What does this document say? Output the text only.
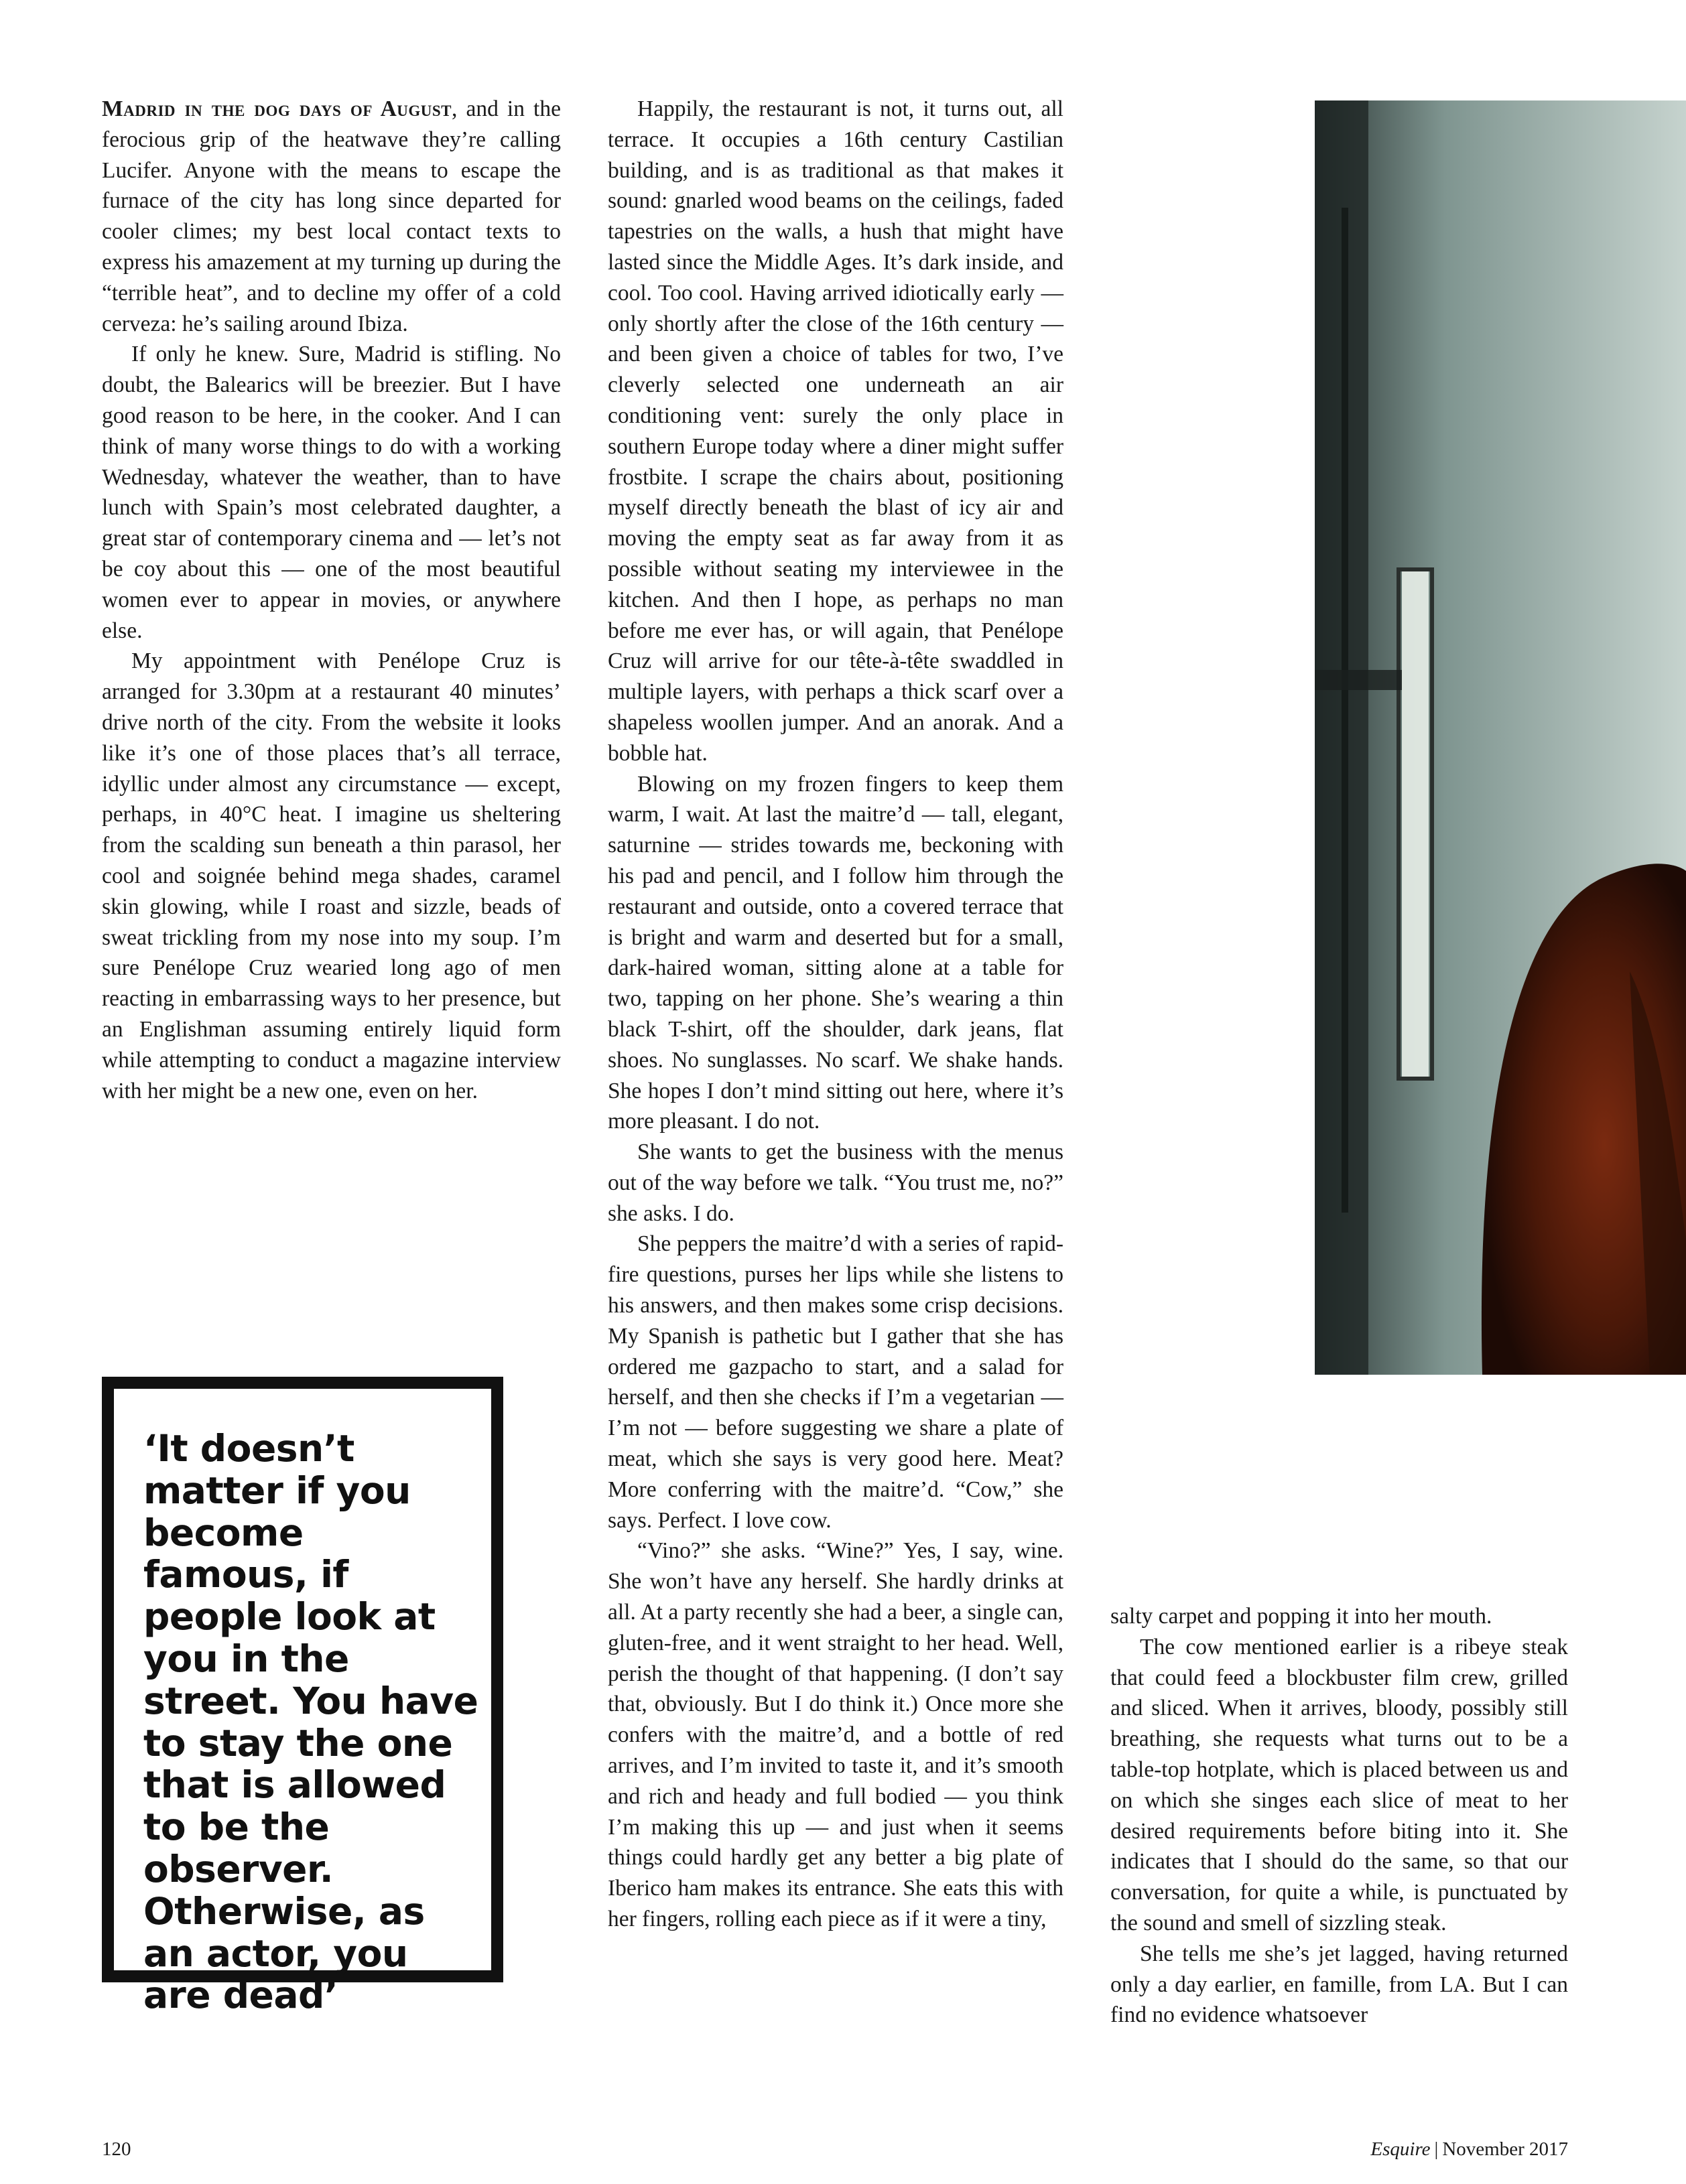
Madrid in the dog days of August, and in the ferocious grip of the heatwave they’re calling Lucifer. Anyone with the means to escape the furnace of the city has long since departed for cooler climes; my best local contact texts to express his amazement at my turning up during the “terrible heat”, and to decline my offer of a cold cerveza: he’s sailing around Ibiza.

If only he knew. Sure, Madrid is stifling. No doubt, the Balearics will be breezier. But I have good reason to be here, in the cooker. And I can think of many worse things to do with a working Wednesday, whatever the weather, than to have lunch with Spain’s most celebrated daughter, a great star of contemporary cinema and — let’s not be coy about this — one of the most beautiful women ever to appear in movies, or anywhere else.

My appointment with Penélope Cruz is arranged for 3.30pm at a restaurant 40 minutes’ drive north of the city. From the website it looks like it’s one of those places that’s all terrace, idyllic under almost any circumstance — except, perhaps, in 40°C heat. I imagine us sheltering from the scalding sun beneath a thin parasol, her cool and soignée behind mega shades, caramel skin glowing, while I roast and sizzle, beads of sweat trickling from my nose into my soup. I’m sure Penélope Cruz wearied long ago of men reacting in embarrassing ways to her presence, but an Englishman assuming entirely liquid form while attempting to conduct a magazine interview with her might be a new one, even on her.

Happily, the restaurant is not, it turns out, all terrace. It occupies a 16th century Castilian building, and is as traditional as that makes it sound: gnarled wood beams on the ceilings, faded tapestries on the walls, a hush that might have lasted since the Middle Ages. It’s dark inside, and cool. Too cool. Having arrived idiotically early — only shortly after the close of the 16th century — and been given a choice of tables for two, I’ve cleverly selected one underneath an air conditioning vent: surely the only place in southern Europe today where a diner might suffer frostbite. I scrape the chairs about, positioning myself directly beneath the blast of icy air and moving the empty seat as far away from it as possible without seating my interviewee in the kitchen. And then I hope, as perhaps no man before me ever has, or will again, that Penélope Cruz will arrive for our tête-à-tête swaddled in multiple layers, with perhaps a thick scarf over a shapeless woollen jumper. And an anorak. And a bobble hat.

Blowing on my frozen fingers to keep them warm, I wait. At last the maitre’d — tall, elegant, saturnine — strides towards me, beckoning with his pad and pencil, and I follow him through the restaurant and outside, onto a covered terrace that is bright and warm and deserted but for a small, dark-haired woman, sitting alone at a table for two, tapping on her phone. She’s wearing a thin black T-shirt, off the shoulder, dark jeans, flat shoes. No sunglasses. No scarf. We shake hands. She hopes I don’t mind sitting out here, where it’s more pleasant. I do not.

She wants to get the business with the menus out of the way before we talk. “You trust me, no?” she asks. I do.

She peppers the maitre’d with a series of rapid-fire questions, purses her lips while she listens to his answers, and then makes some crisp decisions. My Spanish is pathetic but I gather that she has ordered me gazpacho to start, and a salad for herself, and then she checks if I’m a vegetarian — I’m not — before suggesting we share a plate of meat, which she says is very good here. Meat? More conferring with the maitre’d. “Cow,” she says. Perfect. I love cow.

“Vino?” she asks. “Wine?” Yes, I say, wine. She won’t have any herself. She hardly drinks at all. At a party recently she had a beer, a single can, gluten-free, and it went straight to her head. Well, perish the thought of that happening. (I don’t say that, obviously. But I do think it.) Once more she confers with the maitre’d, and a bottle of red arrives, and I’m invited to taste it, and it’s smooth and rich and heady and full bodied — you think I’m making this up — and just when it seems things could hardly get any better a big plate of Iberico ham makes its entrance. She eats this with her fingers, rolling each piece as if it were a tiny,

salty carpet and popping it into her mouth.

The cow mentioned earlier is a ribeye steak that could feed a blockbuster film crew, grilled and sliced. When it arrives, bloody, possibly still breathing, she requests what turns out to be a table-top hotplate, which is placed between us and on which she singes each slice of meat to her desired requirements before biting into it. She indicates that I should do the same, so that our conversation, for quite a while, is punctuated by the sound and smell of sizzling steak.

She tells me she’s jet lagged, having returned only a day earlier, en famille, from LA. But I can find no evidence whatsoever

‘It doesn’t matter if you become famous, if people look at you in the street. You have to stay the one that is allowed to be the observer. Otherwise, as an actor, you are dead’
120	Esquire | November 2017
